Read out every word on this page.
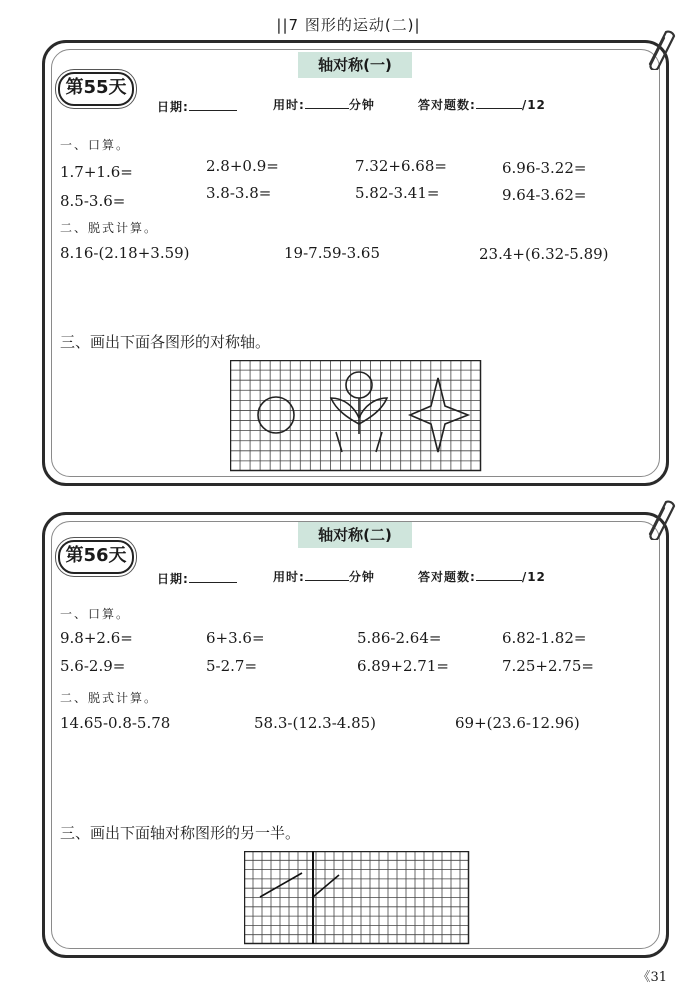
||7 图形的运动(二)|
第55天
轴对称(一)
日期:	用时:	分钟	答对题数:	/12
一、口算。
1.7+1.6=	2.8+0.9=	7.32+6.68=	6.96-3.22=
8.5-3.6=	3.8-3.8=	5.82-3.41=	9.64-3.62=
二、脱式计算。
8.16-(2.18+3.59)	19-7.59-3.65	23.4+(6.32-5.89)
三、画出下面各图形的对称轴。
第56天
轴对称(二)
日期:	用时:	分钟	答对题数:	/12
一、口算。
9.8+2.6=	6+3.6=	5.86-2.64=	6.82-1.82=
5.6-2.9=	5-2.7=	6.89+2.71=	7.25+2.75=
二、脱式计算。
14.65-0.8-5.78	58.3-(12.3-4.85)	69+(23.6-12.96)
三、画出下面轴对称图形的另一半。
《31
